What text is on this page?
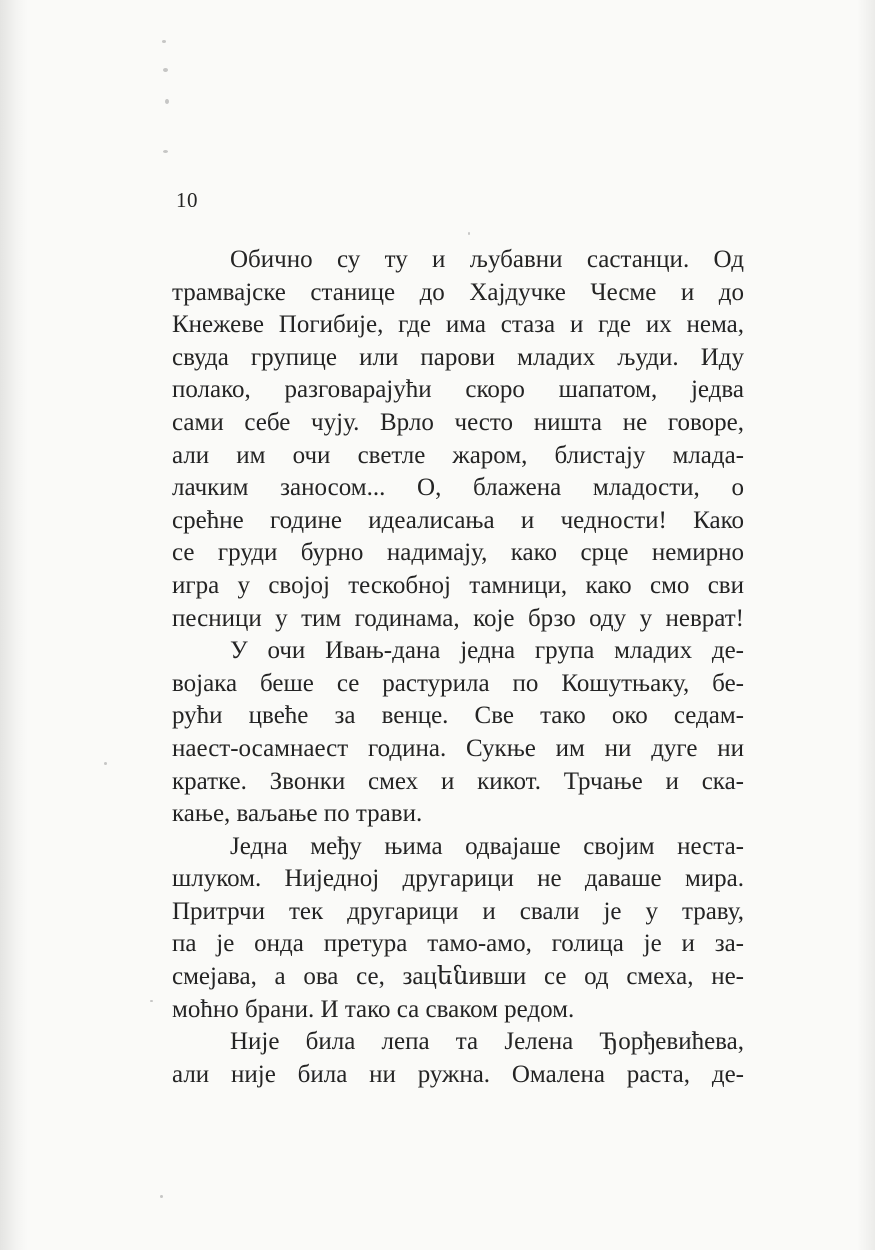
10
Обично су ту и љубавни састанци. Од
трамвајске станице до Хајдучке Чесме и до
Кнежеве Погибије, где има стаза и где их нема,
свуда групице или парови младих људи. Иду
полако, разговарајући скоро шапатом, једва
сами себе чују. Врло често ништа не говоре,
али им очи светле жаром, блистају млада-
лачким заносом... О, блажена младости, о
срећне године идеалисања и чедности! Како
се груди бурно надимају, како срце немирно
игра у својој тескобној тамници, како смо сви
песници у тим годинама, које брзо оду у неврат!
У очи Ивањ-дана једна група младих де-
војака беше се растурила по Кошутњаку, бе-
рући цвеће за венце. Све тако око седам-
наест-осамнаест година. Сукње им ни дуге ни
кратке. Звонки смех и кикот. Трчање и ска-
кање, ваљање по трави.
Једна међу њима одвајаше својим неста-
шлуком. Ниједној другарици не даваше мира.
Притрчи тек другарици и свали је у траву,
па је онда претура тамо-амо, голица је и за-
смејава, а ова се, зацենивши се од смеха, не-
моћно брани. И тако са сваком редом.
Није била лепа та Јелена Ђорђевићева,
али није била ни ружна. Омалена раста, де-
